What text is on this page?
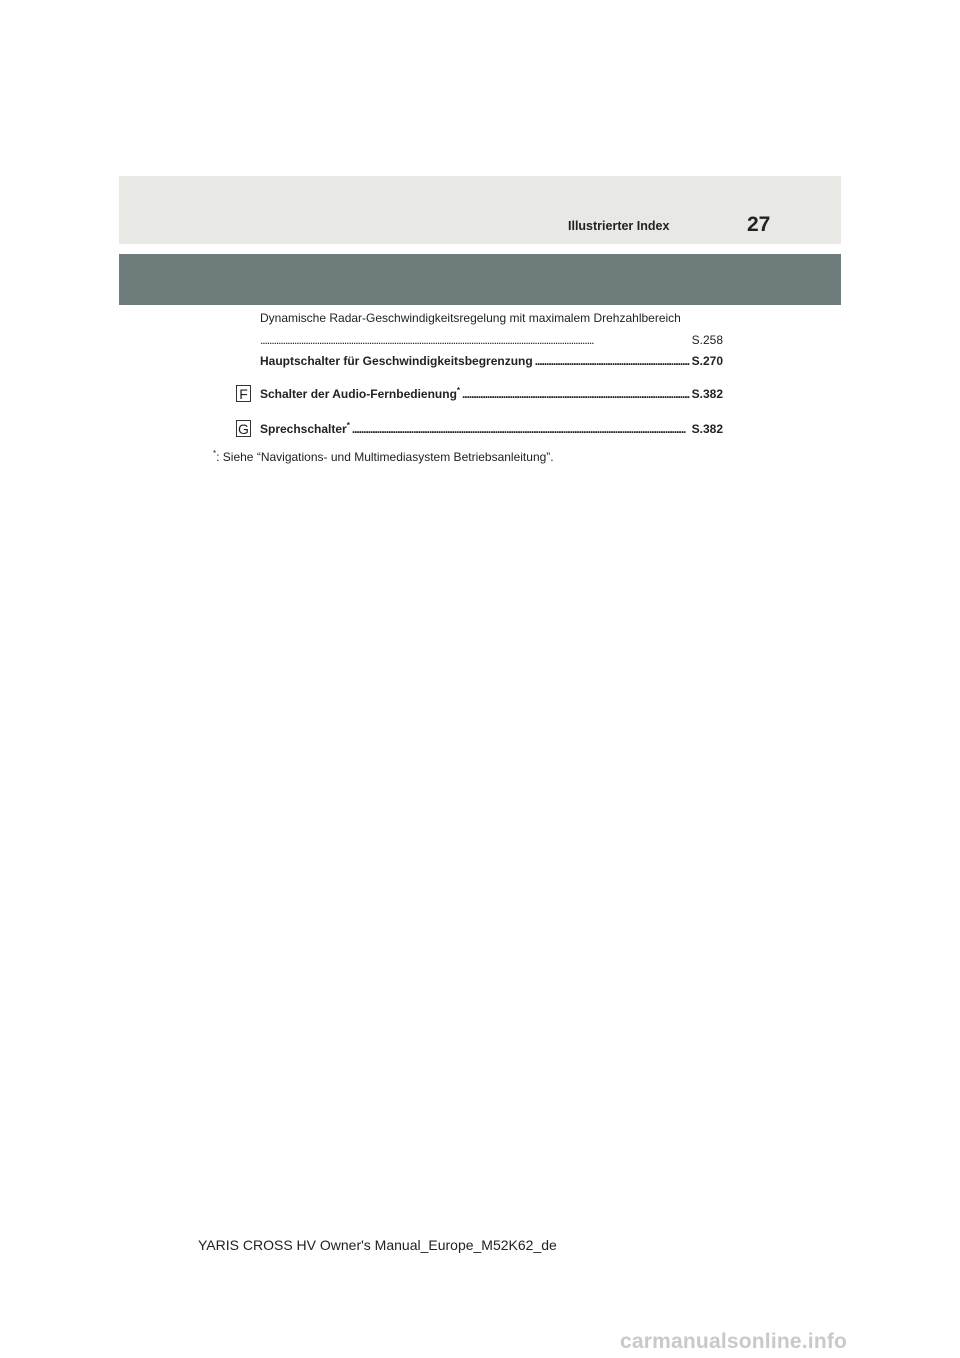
Illustrierter Index	27
Dynamische Radar-Geschwindigkeitsregelung mit maximalem Drehzahlbereich
. . .
S.258
Hauptschalter für Geschwindigkeitsbegrenzung . . .	S.270
F Schalter der Audio-Fernbedienung* . . .	S.382
G Sprechschalter* . . .	S.382
*: Siehe “Navigations- und Multimediasystem Betriebsanleitung”.
YARIS CROSS HV Owner's Manual_Europe_M52K62_de
carmanualsonline.info
